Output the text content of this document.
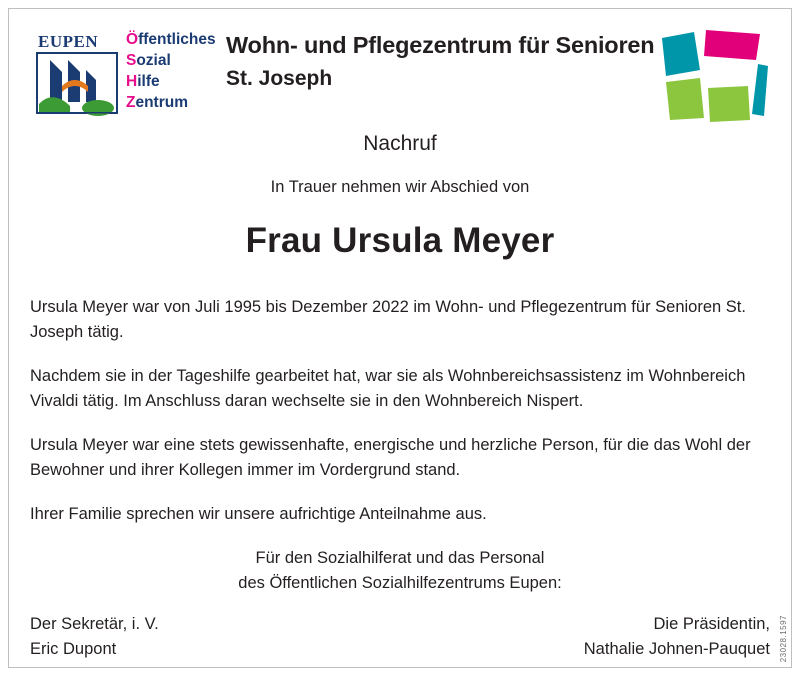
EUPEN Öffentliches
Sozial
Hilfe
Zentrum
Wohn- und Pflegezentrum für Senioren
St. Joseph
Nachruf
In Trauer nehmen wir Abschied von
Frau Ursula Meyer

Ursula Meyer war von Juli 1995 bis Dezember 2022 im Wohn- und Pflegezentrum für Senioren St. Joseph tätig.

Nachdem sie in der Tageshilfe gearbeitet hat, war sie als Wohnbereichsassistenz im Wohnbereich Vivaldi tätig. Im Anschluss daran wechselte sie in den Wohnbereich Nispert.

Ursula Meyer war eine stets gewissenhafte, energische und herzliche Person, für die das Wohl der Bewohner und ihrer Kollegen immer im Vordergrund stand.

Ihrer Familie sprechen wir unsere aufrichtige Anteilnahme aus.

Für den Sozialhilferat und das Personal
des Öffentlichen Sozialhilfezentrums Eupen:
Der Sekretär, i. V.
Eric Dupont
Die Präsidentin,
Nathalie Johnen-Pauquet 23028.1597
